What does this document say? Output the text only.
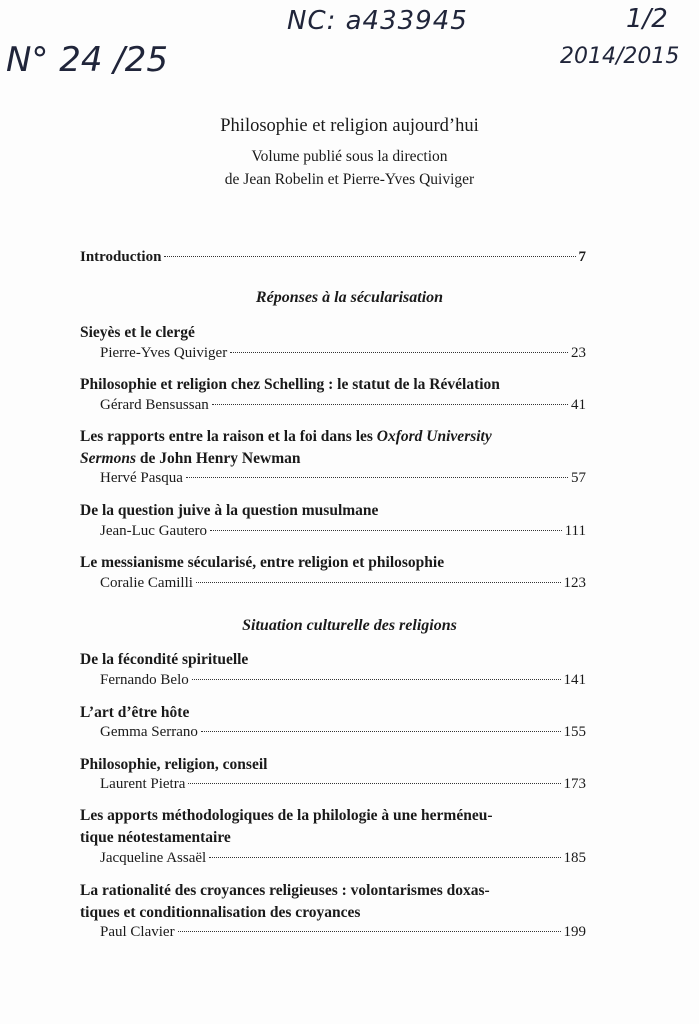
NC: a433945
N° 24 /25
1/2
2014/2015
Philosophie et religion aujourd’hui
Volume publié sous la direction
de Jean Robelin et Pierre-Yves Quiviger
Introduction	7
Réponses à la sécularisation
Sieyès et le clergé
Pierre-Yves Quiviger	23
Philosophie et religion chez Schelling : le statut de la Révélation
Gérard Bensussan	41
Les rapports entre la raison et la foi dans les Oxford University
Sermons de John Henry Newman
Hervé Pasqua	57
De la question juive à la question musulmane
Jean-Luc Gautero	111
Le messianisme sécularisé, entre religion et philosophie
Coralie Camilli	123
Situation culturelle des religions
De la fécondité spirituelle
Fernando Belo	141
L’art d’être hôte
Gemma Serrano	155
Philosophie, religion, conseil
Laurent Pietra	173
Les apports méthodologiques de la philologie à une herméneu-
tique néotestamentaire
Jacqueline Assaël	185
La rationalité des croyances religieuses : volontarismes doxas-
tiques et conditionnalisation des croyances
Paul Clavier	199
